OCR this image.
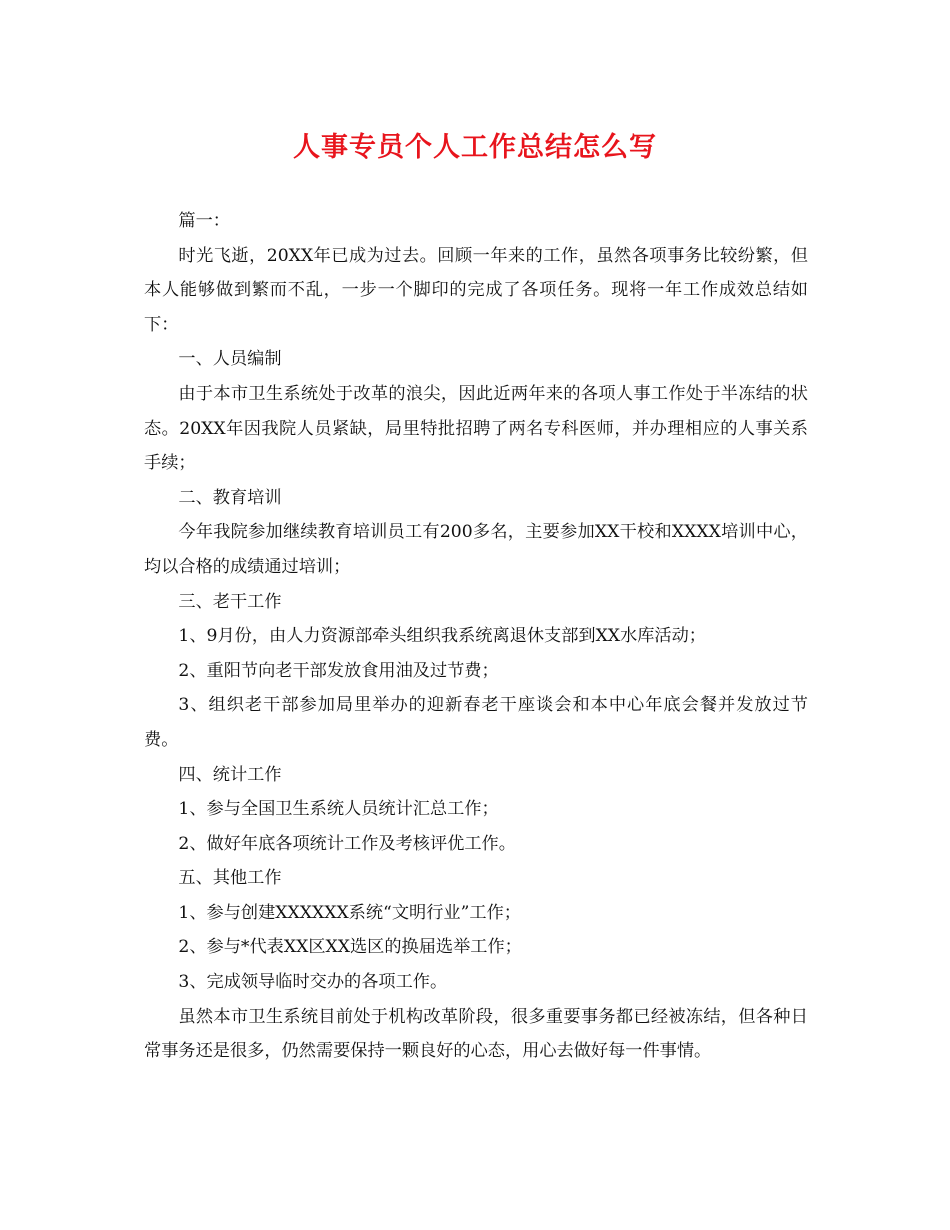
人事专员个人工作总结怎么写

篇一：

时光飞逝，20XX年已成为过去。回顾一年来的工作，虽然各项事务比较纷繁，但本人能够做到繁而不乱，一步一个脚印的完成了各项任务。现将一年工作成效总结如下：

一、人员编制

由于本市卫生系统处于改革的浪尖，因此近两年来的各项人事工作处于半冻结的状态。20XX年因我院人员紧缺，局里特批招聘了两名专科医师，并办理相应的人事关系手续；

二、教育培训

今年我院参加继续教育培训员工有200多名，主要参加XX干校和XXXX培训中心，均以合格的成绩通过培训；

三、老干工作

1、9月份，由人力资源部牵头组织我系统离退休支部到XX水库活动；

2、重阳节向老干部发放食用油及过节费；

3、组织老干部参加局里举办的迎新春老干座谈会和本中心年底会餐并发放过节费。

四、统计工作

1、参与全国卫生系统人员统计汇总工作；

2、做好年底各项统计工作及考核评优工作。

五、其他工作

1、参与创建XXXXXX系统“文明行业”工作；

2、参与*代表XX区XX选区的换届选举工作；

3、完成领导临时交办的各项工作。

虽然本市卫生系统目前处于机构改革阶段，很多重要事务都已经被冻结，但各种日常事务还是很多，仍然需要保持一颗良好的心态，用心去做好每一件事情。
